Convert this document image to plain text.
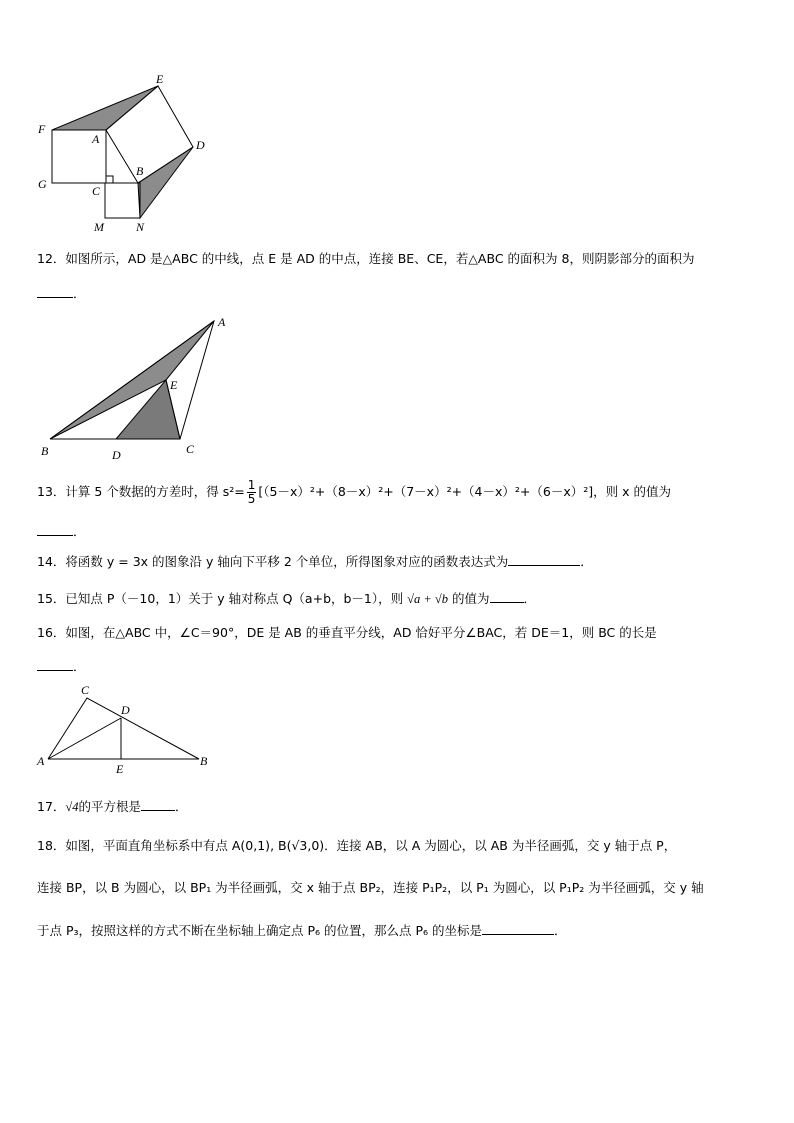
E
F
A	D
B
G	C
M	N
12．如图所示，AD 是△ABC 的中线，点 E 是 AD 的中点，连接 BE、CE，若△ABC 的面积为 8，则阴影部分的面积为
．
A
E
B	D	C
13．计算 5 个数据的方差时，得 $s^2= \frac{1}{5} [(5-x)^2+(8-x)^2+(7-x)^2+(4-x)^2+(6-x)^2]$，则 x 的值为
．
14．将函数 y = 3x 的图象沿 y 轴向下平移 2 个单位，所得图象对应的函数表达式为	．
15．已知点 P（－10，1）关于 y 轴对称点 Q（a+b，b－1），则 √a + √b 的值为	．
16．如图，在△ABC 中，∠C＝90°，DE 是 AB 的垂直平分线，AD 恰好平分∠BAC，若 DE＝1，则 BC 的长是
．
C
D
A
E
B
17．√4的平方根是	．
18．如图，平面直角坐标系中有点 A(0,1), B(√3,0)．连接 AB，以 A 为圆心，以 AB 为半径画弧，交 y 轴于点 P，
连接 BP，以 B 为圆心，以 BP₁ 为半径画弧，交 x 轴于点 BP₂，连接 P₁P₂，以 P₁ 为圆心，以 P₁P₂ 为半径画弧，交 y 轴
于点 P₃，按照这样的方式不断在坐标轴上确定点 P₆ 的位置，那么点 P₆ 的坐标是	．
